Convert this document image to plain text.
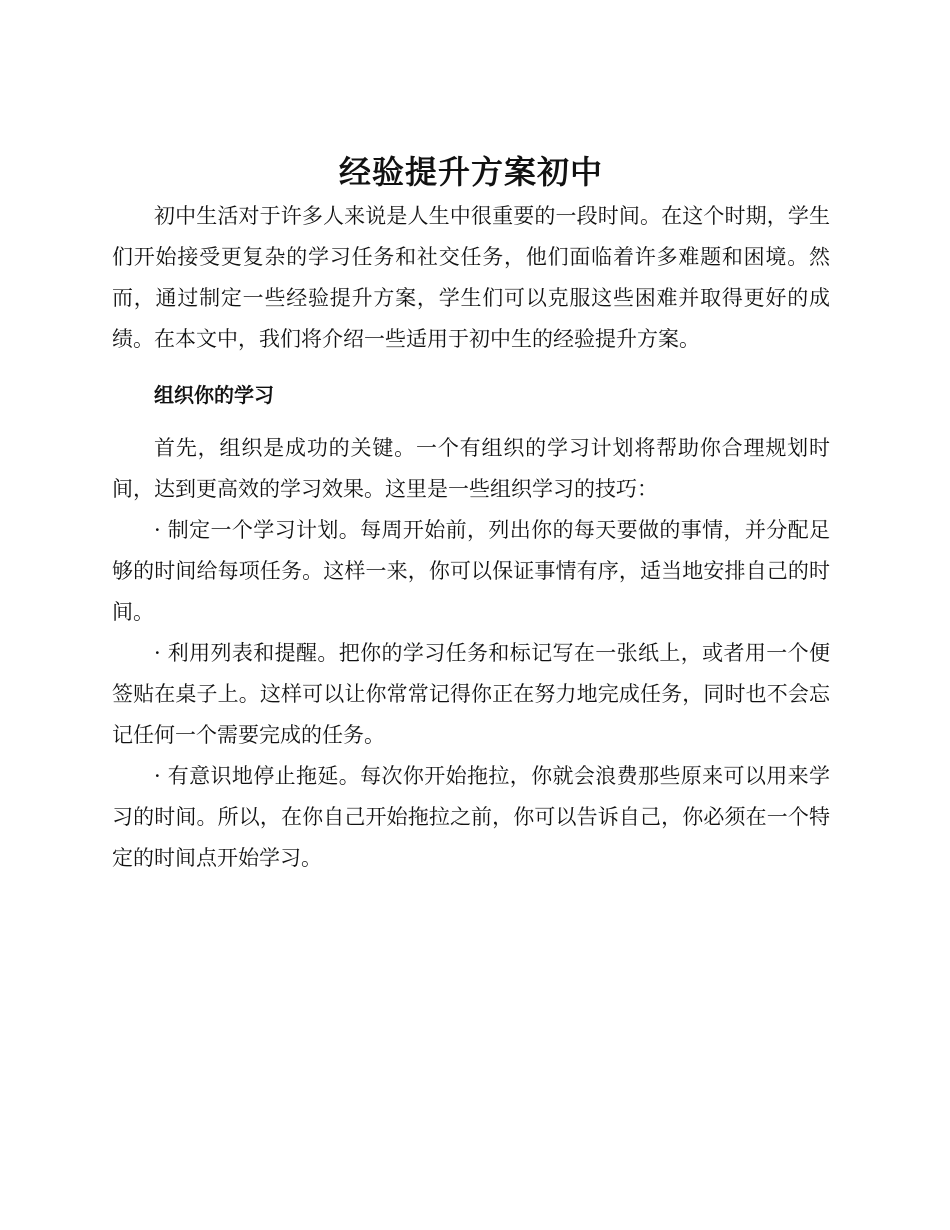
经验提升方案初中

初中生活对于许多人来说是人生中很重要的一段时间。在这个时期，学生们开始接受更复杂的学习任务和社交任务，他们面临着许多难题和困境。然而，通过制定一些经验提升方案，学生们可以克服这些困难并取得更好的成绩。在本文中，我们将介绍一些适用于初中生的经验提升方案。

组织你的学习

首先，组织是成功的关键。一个有组织的学习计划将帮助你合理规划时间，达到更高效的学习效果。这里是一些组织学习的技巧：

· 制定一个学习计划。每周开始前，列出你的每天要做的事情，并分配足够的时间给每项任务。这样一来，你可以保证事情有序，适当地安排自己的时间。

· 利用列表和提醒。把你的学习任务和标记写在一张纸上，或者用一个便签贴在桌子上。这样可以让你常常记得你正在努力地完成任务，同时也不会忘记任何一个需要完成的任务。

· 有意识地停止拖延。每次你开始拖拉，你就会浪费那些原来可以用来学习的时间。所以，在你自己开始拖拉之前，你可以告诉自己，你必须在一个特定的时间点开始学习。
